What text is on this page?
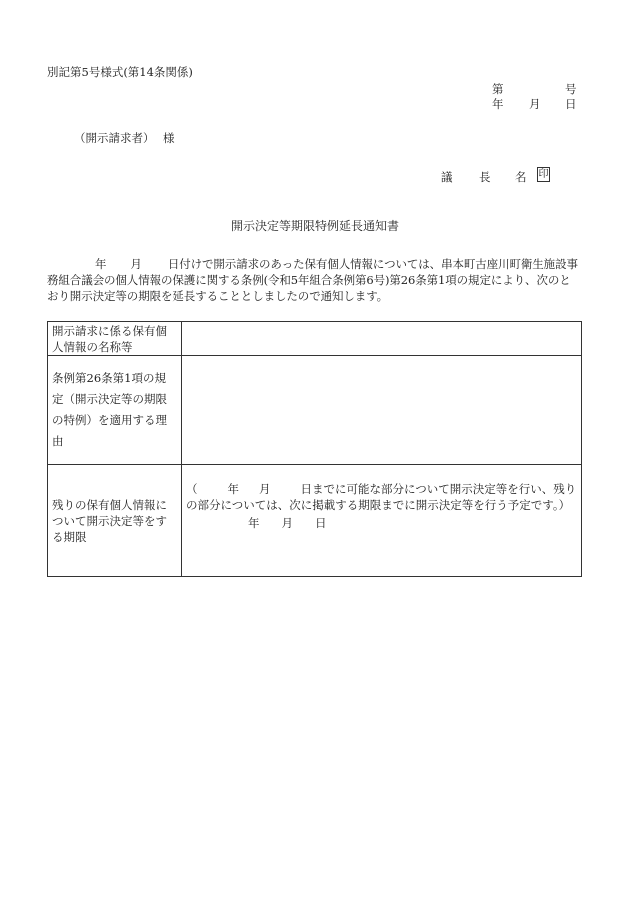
別記第5号様式(第14条関係)
第	号
年 月 日
（開示請求者） 様
議 長 名 印
開示決定等期限特例延長通知書
年 月 日付けで開示請求のあった保有個人情報については、串本町古座川町衛生施設事務組合議会の個人情報の保護に関する条例(令和5年組合条例第6号)第26条第1項の規定により、次のとおり開示決定等の期限を延長することとしましたので通知します。
開示請求に係る保有個人情報の名称等	
条例第26条第1項の規定（開示決定等の期限の特例）を適用する理由	
残りの保有個人情報について開示決定等をする期限	（ 年 月 日までに可能な部分について開示決定等を行い、残りの部分については、次に掲載する期限までに開示決定等を行う予定です。）
年 月 日
